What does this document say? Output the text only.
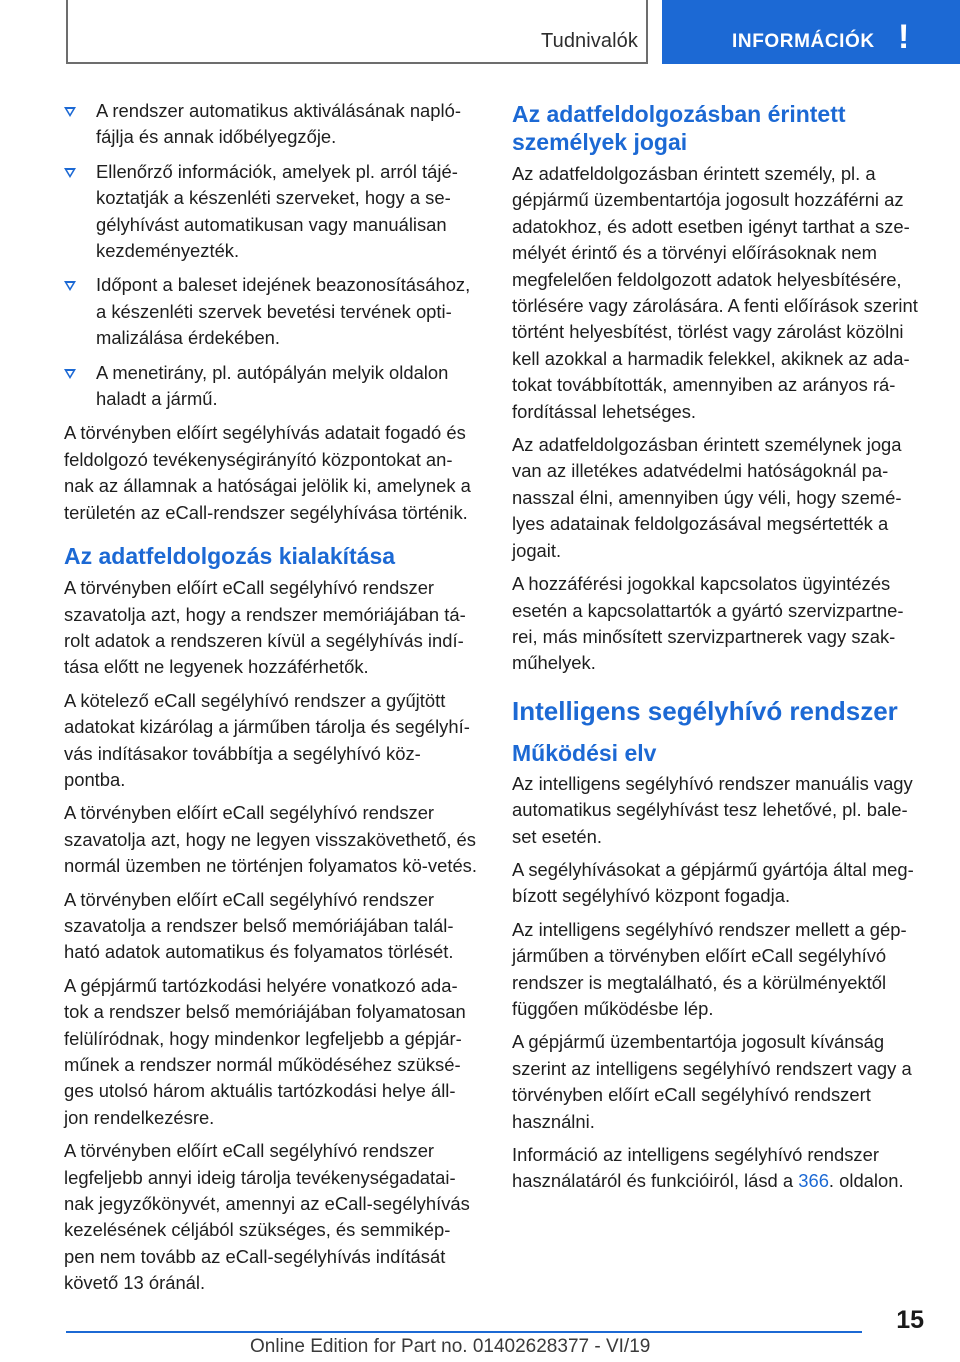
Tudnivalók	INFORMÁCIÓK !
A rendszer automatikus aktiválásának napló-fájlja és annak időbélyegzője.
Ellenőrző információk, amelyek pl. arról tájé-koztatják a készenléti szerveket, hogy a se-gélyhívást automatikusan vagy manuálisan kezdeményezték.
Időpont a baleset idejének beazonosításához, a készenléti szervek bevetési tervének opti-malizálása érdekében.
A menetirány, pl. autópályán melyik oldalon haladt a jármű.

A törvényben előírt segélyhívás adatait fogadó és feldolgozó tevékenységirányító központokat an-nak az államnak a hatóságai jelölik ki, amelynek a területén az eCall-rendszer segélyhívása történik.

Az adatfeldolgozás kialakítása

A törvényben előírt eCall segélyhívó rendszer szavatolja azt, hogy a rendszer memóriájában tá-rolt adatok a rendszeren kívül a segélyhívás indí-tása előtt ne legyenek hozzáférhetők.

A kötelező eCall segélyhívó rendszer a gyűjtött adatokat kizárólag a járműben tárolja és segélyhí-vás indításakor továbbítja a segélyhívó köz-pontba.

A törvényben előírt eCall segélyhívó rendszer szavatolja azt, hogy ne legyen visszakövethető, és normál üzemben ne történjen folyamatos kö-vetés.

A törvényben előírt eCall segélyhívó rendszer szavatolja a rendszer belső memóriájában talál-ható adatok automatikus és folyamatos törlését.

A gépjármű tartózkodási helyére vonatkozó ada-tok a rendszer belső memóriájában folyamatosan felülíródnak, hogy mindenkor legfeljebb a gépjár-műnek a rendszer normál működéséhez szüksé-ges utolsó három aktuális tartózkodási helye áll-jon rendelkezésre.

A törvényben előírt eCall segélyhívó rendszer legfeljebb annyi ideig tárolja tevékenységadatai-nak jegyzőkönyvét, amennyi az eCall-segélyhívás kezelésének céljából szükséges, és semmikép-pen nem tovább az eCall-segélyhívás indítását követő 13 óránál.

Az adatfeldolgozásban érintett személyek jogai

Az adatfeldolgozásban érintett személy, pl. a gépjármű üzembentartója jogosult hozzáférni az adatokhoz, és adott esetben igényt tarthat a sze-mélyét érintő és a törvényi előírásoknak nem megfelelően feldolgozott adatok helyesbítésére, törlésére vagy zárolására. A fenti előírások szerint történt helyesbítést, törlést vagy zárolást közölni kell azokkal a harmadik felekkel, akiknek az ada-tokat továbbították, amennyiben az arányos rá-fordítással lehetséges.

Az adatfeldolgozásban érintett személynek joga van az illetékes adatvédelmi hatóságoknál pa-nasszal élni, amennyiben úgy véli, hogy szemé-lyes adatainak feldolgozásával megsértették a jogait.

A hozzáférési jogokkal kapcsolatos ügyintézés esetén a kapcsolattartók a gyártó szervizpartne-rei, más minősített szervizpartnerek vagy szak-műhelyek.

Intelligens segélyhívó rendszer
Működési elv

Az intelligens segélyhívó rendszer manuális vagy automatikus segélyhívást tesz lehetővé, pl. bale-set esetén.

A segélyhívásokat a gépjármű gyártója által meg-bízott segélyhívó központ fogadja.

Az intelligens segélyhívó rendszer mellett a gép-járműben a törvényben előírt eCall segélyhívó rendszer is megtalálható, és a körülményektől függően működésbe lép.

A gépjármű üzembentartója jogosult kívánság szerint az intelligens segélyhívó rendszert vagy a törvényben előírt eCall segélyhívó rendszert használni.

Információ az intelligens segélyhívó rendszer használatáról és funkcióiról, lásd a 366. oldalon.

15
Online Edition for Part no. 01402628377 - VI/19
